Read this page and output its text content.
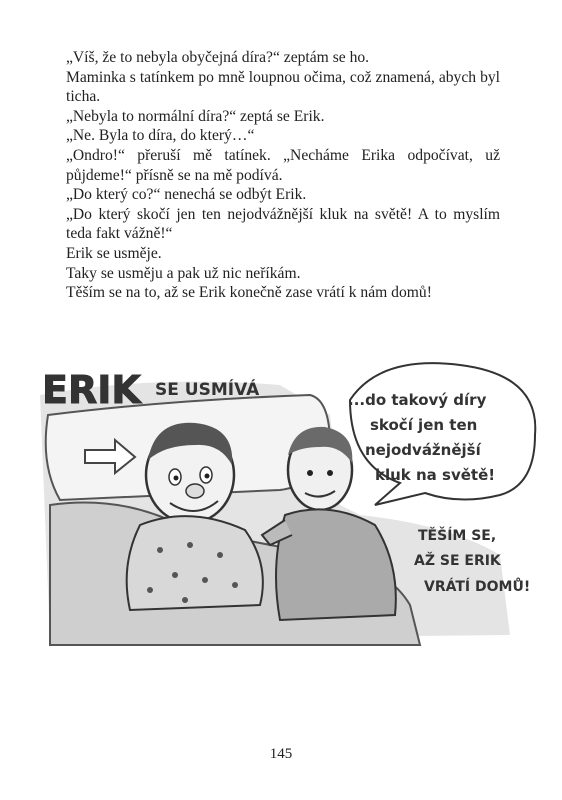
„Víš, že to nebyla obyčejná díra?“ zeptám se ho.

Maminka s tatínkem po mně loupnou očima, což znamená, abych byl ticha.

„Nebyla to normální díra?“ zeptá se Erik.

„Ne. Byla to díra, do který…“

„Ondro!“ přeruší mě tatínek. „Necháme Erika odpočívat, už půjdeme!“ přísně se na mě podívá.

„Do který co?“ nenechá se odbýt Erik.

„Do který skočí jen ten nejodvážnější kluk na světě! A to myslím teda fakt vážně!“

Erik se usměje.

Taky se usměju a pak už nic neříkám.

Těším se na to, až se Erik konečně zase vrátí k nám domů!

ERIK SE USMÍVÁ	...do takový díry
skočí jen ten
nejodvážnější
kluk na světě!
TĚŠÍM SE,
AŽ SE ERIK
VRÁTÍ DOMŮ!
145
